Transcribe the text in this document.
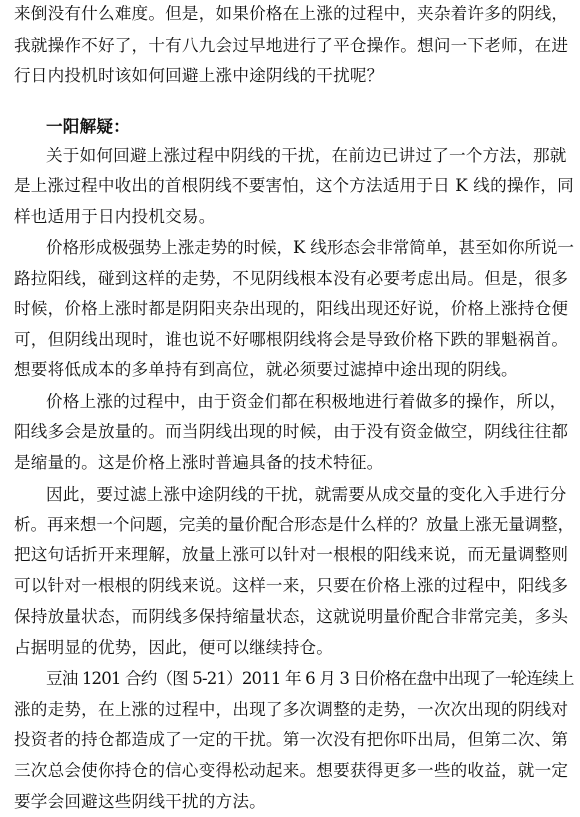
来倒没有什么难度。但是，如果价格在上涨的过程中，夹杂着许多的阴线，
我就操作不好了，十有八九会过早地进行了平仓操作。想问一下老师，在进
行日内投机时该如何回避上涨中途阴线的干扰呢？
一阳解疑：
关于如何回避上涨过程中阴线的干扰，在前边已讲过了一个方法，那就
是上涨过程中收出的首根阴线不要害怕，这个方法适用于日 K 线的操作，同
样也适用于日内投机交易。
价格形成极强势上涨走势的时候，K 线形态会非常简单，甚至如你所说一
路拉阳线，碰到这样的走势，不见阴线根本没有必要考虑出局。但是，很多
时候，价格上涨时都是阴阳夹杂出现的，阳线出现还好说，价格上涨持仓便
可，但阴线出现时，谁也说不好哪根阴线将会是导致价格下跌的罪魁祸首。
想要将低成本的多单持有到高位，就必须要过滤掉中途出现的阴线。
价格上涨的过程中，由于资金们都在积极地进行着做多的操作，所以，
阳线多会是放量的。而当阴线出现的时候，由于没有资金做空，阴线往往都
是缩量的。这是价格上涨时普遍具备的技术特征。
因此，要过滤上涨中途阴线的干扰，就需要从成交量的变化入手进行分
析。再来想一个问题，完美的量价配合形态是什么样的？放量上涨无量调整，
把这句话折开来理解，放量上涨可以针对一根根的阳线来说，而无量调整则
可以针对一根根的阴线来说。这样一来，只要在价格上涨的过程中，阳线多
保持放量状态，而阴线多保持缩量状态，这就说明量价配合非常完美，多头
占据明显的优势，因此，便可以继续持仓。
豆油 1201 合约（图 5-21）2011 年 6 月 3 日价格在盘中出现了一轮连续上
涨的走势，在上涨的过程中，出现了多次调整的走势，一次次出现的阴线对
投资者的持仓都造成了一定的干扰。第一次没有把你吓出局，但第二次、第
三次总会使你持仓的信心变得松动起来。想要获得更多一些的收益，就一定
要学会回避这些阴线干扰的方法。
